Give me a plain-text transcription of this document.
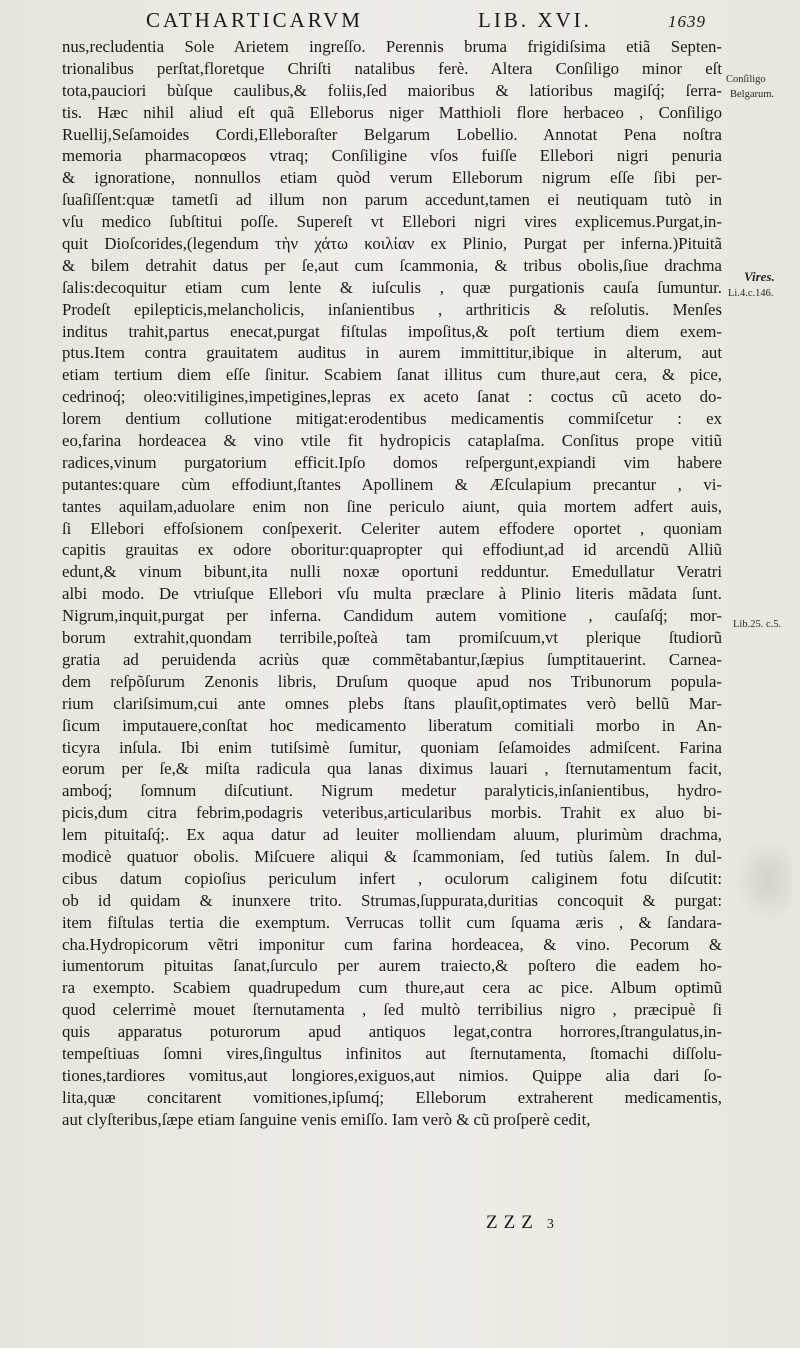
CATHARTICARVM	LIB. XVI.	1639
nus,recludentia Sole Arietem ingreſſo. Perennis bruma frigidiſsima etiã Septen-
trionalibus perſtat,floretque Chriſti natalibus ferè. Altera Conſiligo minor eſt
tota,pauciori bùſque caulibus,& foliis,ſed maioribus & latioribus magiſq́; ſerra-
tis. Hæc nihil aliud eſt quã Elleborus niger Matthioli flore herbaceo , Conſiligo
Ruellij,Seſamoides Cordi,Elleboraſter Belgarum Lobellio. Annotat Pena noſtra
memoria pharmacopœos vtraq; Conſiligine vſos fuiſſe Ellebori nigri penuria
& ignoratione, nonnullos etiam quòd verum Elleborum nigrum eſſe ſibi per-
ſuaſiſſent:quæ tametſi ad illum non parum accedunt,tamen ei neutiquam tutò in
vſu medico ſubſtitui poſſe. Supereſt vt Ellebori nigri vires explicemus.Purgat,in-
quit Dioſcorides,(legendum τὴν χάτω κοιλίαν ex Plinio, Purgat per inferna.)Pituitã
& bilem detrahit datus per ſe,aut cum ſcammonia, & tribus obolis,ſiue drachma
ſalis:decoquitur etiam cum lente & iuſculis , quæ purgationis cauſa ſumuntur.
Prodeſt epilepticis,melancholicis, inſanientibus , arthriticis & reſolutis. Menſes
inditus trahit,partus enecat,purgat fiſtulas impoſitus,& poſt tertium diem exem-
ptus.Item contra grauitatem auditus in aurem immittitur,ibique in alterum, aut
etiam tertium diem eſſe ſinitur. Scabiem ſanat illitus cum thure,aut cera, & pice,
cedrinoq́; oleo:vitiligines,impetigines,lepras ex aceto ſanat : coctus cũ aceto do-
lorem dentium collutione mitigat:erodentibus medicamentis commiſcetur : ex
eo,farina hordeacea & vino vtile fit hydropicis cataplaſma. Conſitus prope vitiũ
radices,vinum purgatorium efficit.Ipſo domos reſpergunt,expiandi vim habere
putantes:quare cùm effodiunt,ſtantes Apollinem & Æſculapium precantur , vi-
tantes aquilam,aduolare enim non ſine periculo aiunt, quia mortem adfert auis,
ſi Ellebori effoſsionem conſpexerit. Celeriter autem effodere oportet , quoniam
capitis grauitas ex odore oboritur:quapropter qui effodiunt,ad id arcendũ Alliũ
edunt,& vinum bibunt,ita nulli noxæ oportuni redduntur. Emedullatur Veratri
albi modo. De vtriuſque Ellebori vſu multa præclare à Plinio literis mãdata ſunt.
Nigrum,inquit,purgat per inferna. Candidum autem vomitione , cauſaſq́; mor-
borum extrahit,quondam terribile,poſteà tam promiſcuum,vt plerique ſtudiorũ
gratia ad peruidenda acriùs quæ commẽtabantur,ſæpius ſumptitauerint. Carnea-
dem reſpõſurum Zenonis libris, Druſum quoque apud nos Tribunorum popula-
rium clariſsimum,cui ante omnes plebs ſtans plauſit,optimates verò bellũ Mar-
ſicum imputauere,conſtat hoc medicamento liberatum comitiali morbo in An-
ticyra inſula. Ibi enim tutiſsimè ſumitur, quoniam ſeſamoides admiſcent. Farina
eorum per ſe,& miſta radicula qua lanas diximus lauari , ſternutamentum facit,
amboq́; ſomnum diſcutiunt. Nigrum medetur paralyticis,inſanientibus, hydro-
picis,dum citra febrim,podagris veteribus,articularibus morbis. Trahit ex aluo bi-
lem pituitaſq́;. Ex aqua datur ad leuiter molliendam aluum, plurimùm drachma,
modicè quatuor obolis. Miſcuere aliqui & ſcammoniam, ſed tutiùs ſalem. In dul-
cibus datum copioſius periculum infert , oculorum caliginem fotu diſcutit:
ob id quidam & inunxere trito. Strumas,ſuppurata,duritias concoquit & purgat:
item fiſtulas tertia die exemptum. Verrucas tollit cum ſquama æris , & ſandara-
cha.Hydropicorum vẽtri imponitur cum farina hordeacea, & vino. Pecorum &
iumentorum pituitas ſanat,ſurculo per aurem traiecto,& poſtero die eadem ho-
ra exempto. Scabiem quadrupedum cum thure,aut cera ac pice. Album optimũ
quod celerrimè mouet ſternutamenta , ſed multò terribilius nigro , præcipuè ſi
quis apparatus poturorum apud antiquos legat,contra horrores,ſtrangulatus,in-
tempeſtiuas ſomni vires,ſingultus infinitos aut ſternutamenta, ſtomachi diſſolu-
tiones,tardiores vomitus,aut longiores,exiguos,aut nimios. Quippe alia dari ſo-
lita,quæ concitarent vomitiones,ipſumq́; Elleborum extraherent medicamentis,
aut clyſteribus,ſæpe etiam ſanguine venis emiſſo. Iam verò & cũ proſperè cedit,
Conſiligo
Belgarum.
Vires.
Li.4.c.146.
Lib.25. c.5.
ZZZ 3
